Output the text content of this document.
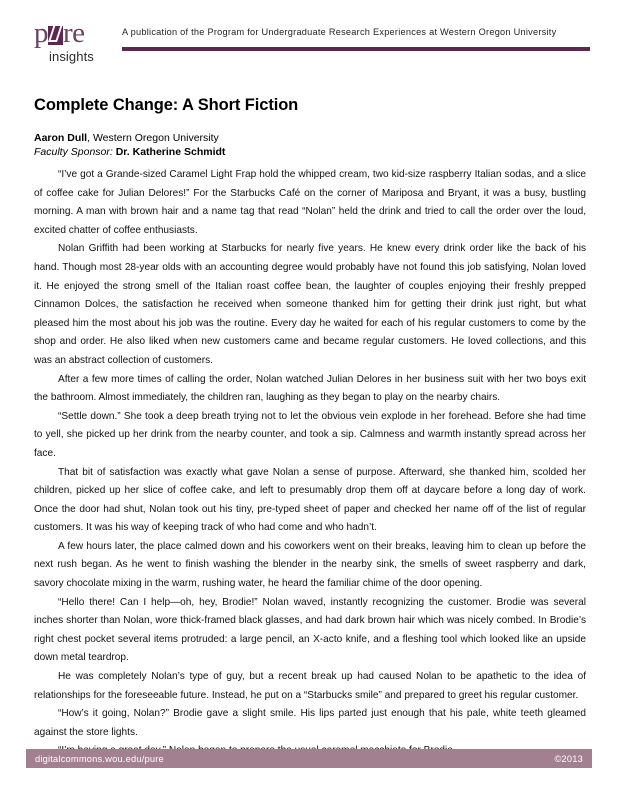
p re
insights
A publication of the Program for Undergraduate Research Experiences at Western Oregon University
Complete Change: A Short Fiction
Aaron Dull, Western Oregon University
Faculty Sponsor: Dr. Katherine Schmidt

“I’ve got a Grande-sized Caramel Light Frap hold the whipped cream, two kid-size raspberry Italian sodas, and a slice of coffee cake for Julian Delores!” For the Starbucks Café on the corner of Mariposa and Bryant, it was a busy, bustling morning. A man with brown hair and a name tag that read “Nolan” held the drink and tried to call the order over the loud, excited chatter of coffee enthusiasts.

Nolan Griffith had been working at Starbucks for nearly five years. He knew every drink order like the back of his hand. Though most 28-year olds with an accounting degree would probably have not found this job satisfying, Nolan loved it. He enjoyed the strong smell of the Italian roast coffee bean, the laughter of couples enjoying their freshly prepped Cinnamon Dolces, the satisfaction he received when someone thanked him for getting their drink just right, but what pleased him the most about his job was the routine. Every day he waited for each of his regular customers to come by the shop and order. He also liked when new customers came and became regular customers. He loved collections, and this was an abstract collection of customers.

After a few more times of calling the order, Nolan watched Julian Delores in her business suit with her two boys exit the bathroom. Almost immediately, the children ran, laughing as they began to play on the nearby chairs.

“Settle down.” She took a deep breath trying not to let the obvious vein explode in her forehead. Before she had time to yell, she picked up her drink from the nearby counter, and took a sip. Calmness and warmth instantly spread across her face.

That bit of satisfaction was exactly what gave Nolan a sense of purpose. Afterward, she thanked him, scolded her children, picked up her slice of coffee cake, and left to presumably drop them off at daycare before a long day of work. Once the door had shut, Nolan took out his tiny, pre-typed sheet of paper and checked her name off of the list of regular customers. It was his way of keeping track of who had come and who hadn’t.

A few hours later, the place calmed down and his coworkers went on their breaks, leaving him to clean up before the next rush began. As he went to finish washing the blender in the nearby sink, the smells of sweet raspberry and dark, savory chocolate mixing in the warm, rushing water, he heard the familiar chime of the door opening.

“Hello there! Can I help—oh, hey, Brodie!” Nolan waved, instantly recognizing the customer. Brodie was several inches shorter than Nolan, wore thick-framed black glasses, and had dark brown hair which was nicely combed. In Brodie’s right chest pocket several items protruded: a large pencil, an X-acto knife, and a fleshing tool which looked like an upside down metal teardrop.

He was completely Nolan’s type of guy, but a recent break up had caused Nolan to be apathetic to the idea of relationships for the foreseeable future. Instead, he put on a “Starbucks smile” and prepared to greet his regular customer.

“How’s it going, Nolan?” Brodie gave a slight smile. His lips parted just enough that his pale, white teeth gleamed against the store lights.

digitalcommons.wou.edu/pure	©2013
